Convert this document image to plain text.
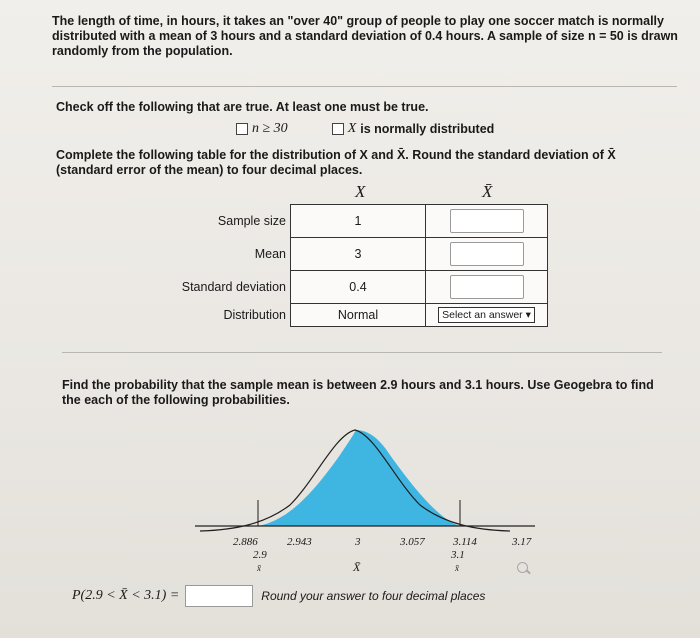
The length of time, in hours, it takes an "over 40" group of people to play one soccer match is normally distributed with a mean of 3 hours and a standard deviation of 0.4 hours. A sample of size n = 50 is drawn randomly from the population.
Check off the following that are true. At least one must be true.
n ≥ 30	X is normally distributed
Complete the following table for the distribution of X and X̄. Round the standard deviation of X̄ (standard error of the mean) to four decimal places.
X	X̄
Sample size	1	
Mean	3	
Standard deviation	0.4	
Distribution	Normal	Select an answer ▾
Find the probability that the sample mean is between 2.9 hours and 3.1 hours. Use Geogebra to find the each of the following probabilities.
2.886	2.943	3	3.057	3.114	3.17
2.9	3.1
x̄	x̄
X̄
P(2.9 < X̄ < 3.1) =	Round your answer to four decimal places
